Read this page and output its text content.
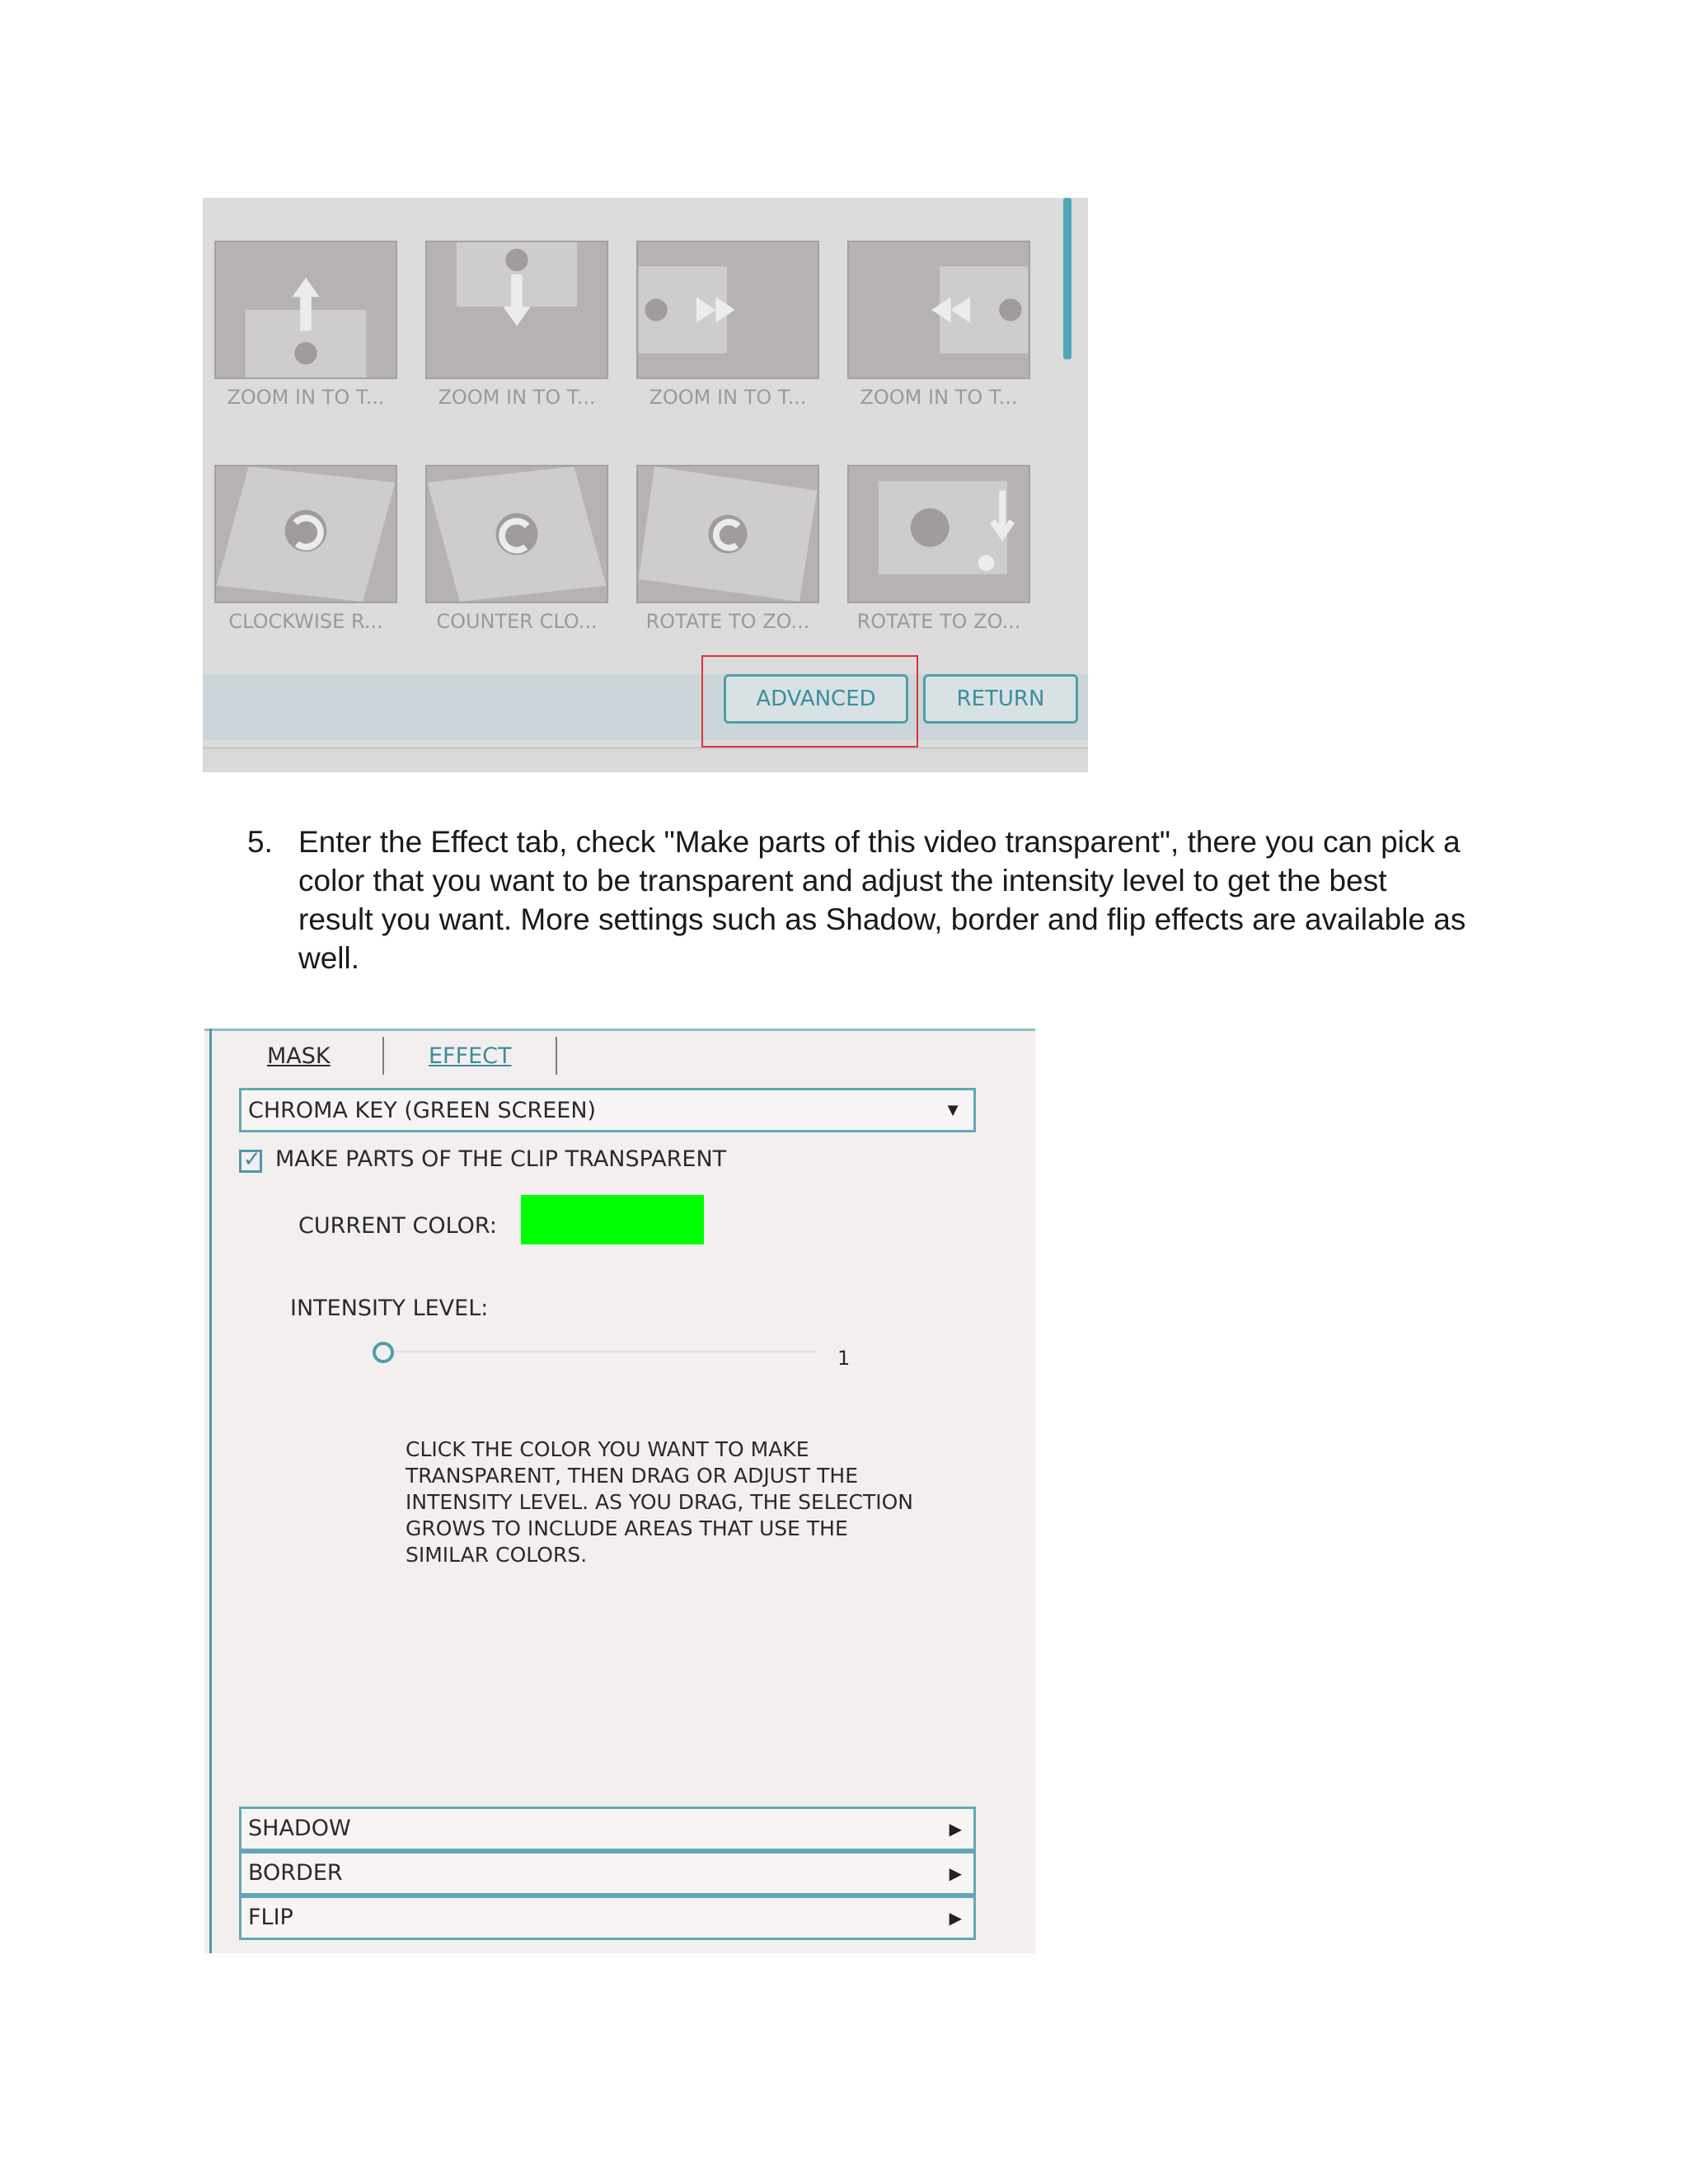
ZOOM IN TO T...	ZOOM IN TO T...	ZOOM IN TO T...	ZOOM IN TO T...
CLOCKWISE R...	COUNTER CLO...	ROTATE TO ZO...	ROTATE TO ZO...
ADVANCED	RETURN
5. Enter the Effect tab, check "Make parts of this video transparent", there you can pick a color that you want to be transparent and adjust the intensity level to get the best result you want. More settings such as Shadow, border and flip effects are available as well.
MASK	EFFECT
CHROMA KEY (GREEN SCREEN)	▼
✓ MAKE PARTS OF THE CLIP TRANSPARENT
CURRENT COLOR:
INTENSITY LEVEL:
1
CLICK THE COLOR YOU WANT TO MAKE TRANSPARENT, THEN DRAG OR ADJUST THE INTENSITY LEVEL. AS YOU DRAG, THE SELECTION GROWS TO INCLUDE AREAS THAT USE THE SIMILAR COLORS.
SHADOW	▶
BORDER	▶
FLIP	▶
